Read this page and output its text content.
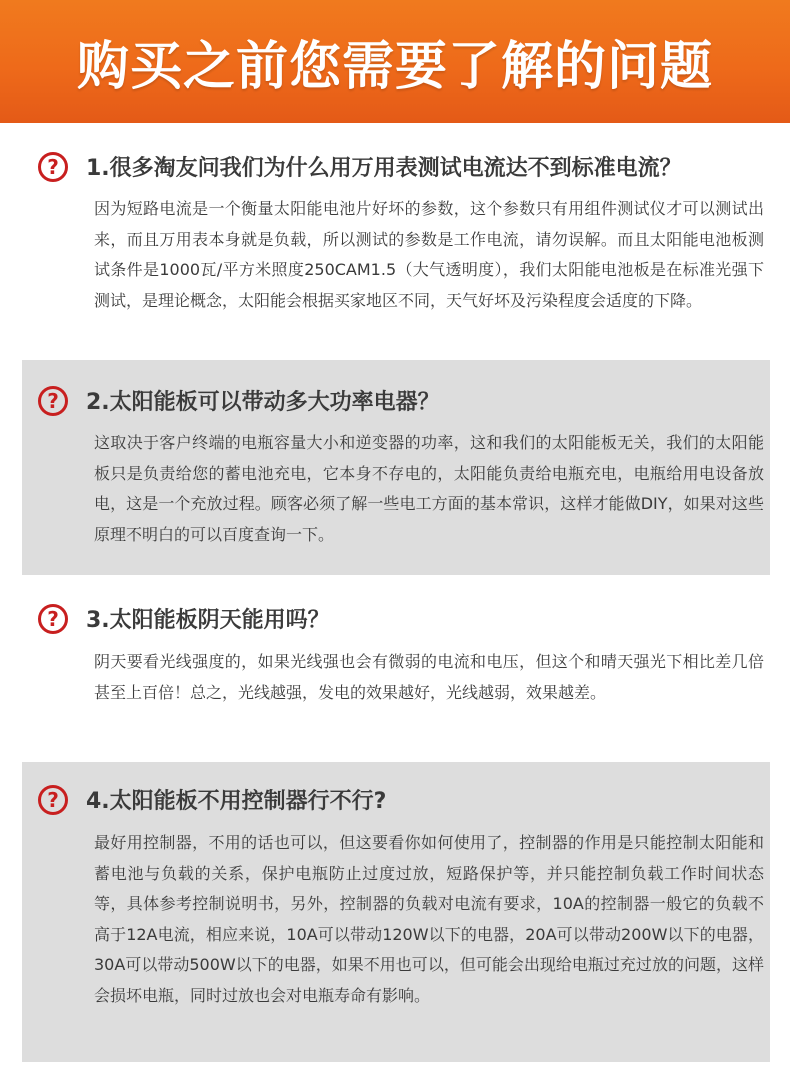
购买之前您需要了解的问题
?	1.很多淘友问我们为什么用万用表测试电流达不到标准电流？
因为短路电流是一个衡量太阳能电池片好坏的参数，这个参数只有用组件测试仪才可以测试出来，而且万用表本身就是负载，所以测试的参数是工作电流，请勿误解。而且太阳能电池板测试条件是1000瓦/平方米照度250CAM1.5（大气透明度），我们太阳能电池板是在标准光强下测试，是理论概念，太阳能会根据买家地区不同，天气好坏及污染程度会适度的下降。
?	2.太阳能板可以带动多大功率电器？
这取决于客户终端的电瓶容量大小和逆变器的功率，这和我们的太阳能板无关，我们的太阳能板只是负责给您的蓄电池充电，它本身不存电的，太阳能负责给电瓶充电，电瓶给用电设备放电，这是一个充放过程。顾客必须了解一些电工方面的基本常识，这样才能做DIY，如果对这些原理不明白的可以百度查询一下。
?	3.太阳能板阴天能用吗？
阴天要看光线强度的，如果光线强也会有微弱的电流和电压，但这个和晴天强光下相比差几倍甚至上百倍！总之，光线越强，发电的效果越好，光线越弱，效果越差。
?	4.太阳能板不用控制器行不行?
最好用控制器，不用的话也可以，但这要看你如何使用了，控制器的作用是只能控制太阳能和蓄电池与负载的关系，保护电瓶防止过度过放，短路保护等，并只能控制负载工作时间状态等，具体参考控制说明书，另外，控制器的负载对电流有要求，10A的控制器一般它的负载不高于12A电流，相应来说，10A可以带动120W以下的电器，20A可以带动200W以下的电器，30A可以带动500W以下的电器，如果不用也可以，但可能会出现给电瓶过充过放的问题，这样会损坏电瓶，同时过放也会对电瓶寿命有影响。
